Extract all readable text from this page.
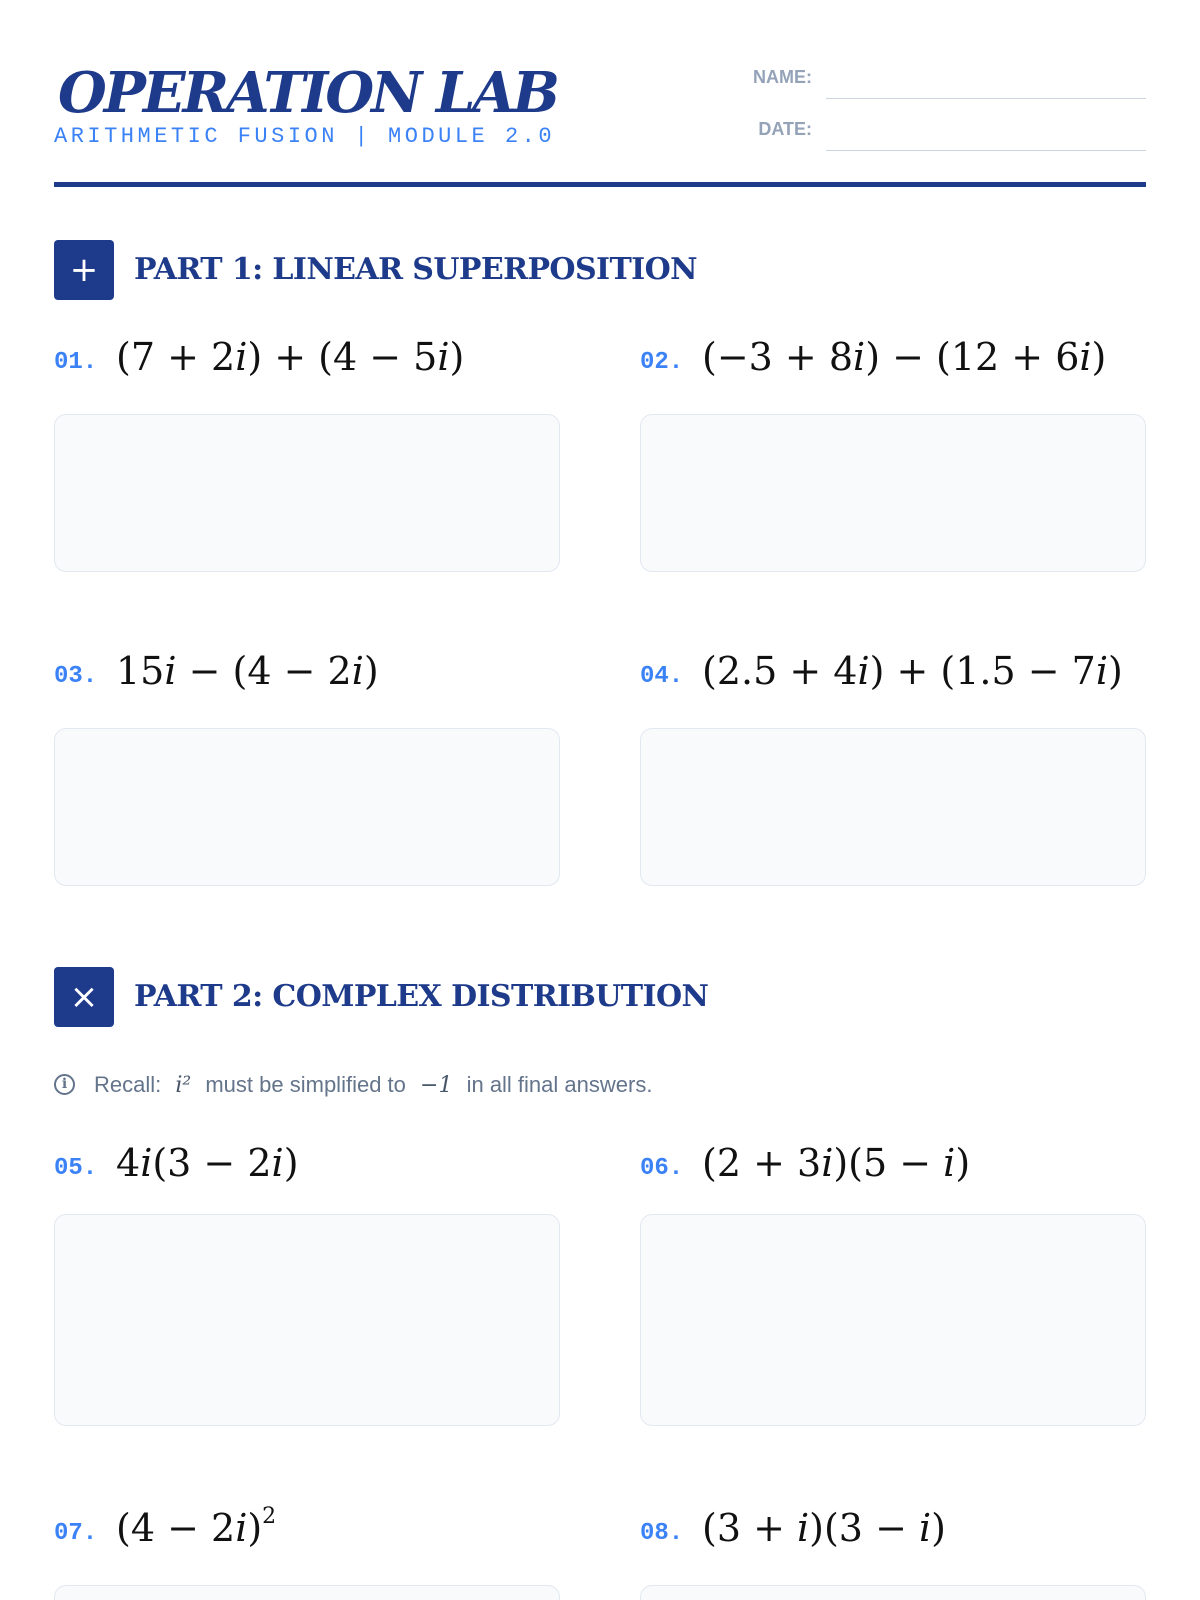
OPERATION LAB

ARITHMETIC FUSION | MODULE 2.0

NAME:
DATE:
+	PART 1: LINEAR SUPERPOSITION
01. (7 + 2i) + (4 − 5i)	02. (−3 + 8i) − (12 + 6i)
03. 15i − (4 − 2i)	04. (2.5 + 4i) + (1.5 − 7i)
×	PART 2: COMPLEX DISTRIBUTION
i	Recall: i² must be simplified to −1 in all final answers.
05. 4i(3 − 2i)	06. (2 + 3i)(5 − i)
07. $(4 - 2i)^2$
08. (3 + i)(3 − i)
